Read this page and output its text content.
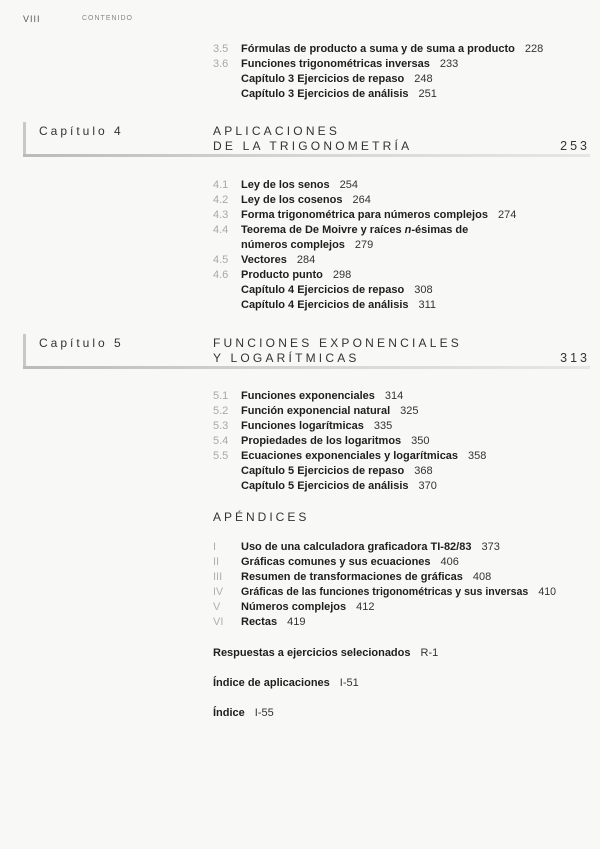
VIII	CONTENIDO
3.5 Fórmulas de producto a suma y de suma a producto 228
3.6 Funciones trigonométricas inversas 233
Capítulo 3 Ejercicios de repaso 248
Capítulo 3 Ejercicios de análisis 251
Capítulo 4	APLICACIONES
DE LA TRIGONOMETRÍA	253
4.1 Ley de los senos 254
4.2 Ley de los cosenos 264
4.3 Forma trigonométrica para números complejos 274
4.4 Teorema de De Moivre y raíces n-ésimas de
números complejos 279
4.5 Vectores 284
4.6 Producto punto 298
Capítulo 4 Ejercicios de repaso 308
Capítulo 4 Ejercicios de análisis 311
Capítulo 5	FUNCIONES EXPONENCIALES
Y LOGARÍTMICAS	313
5.1 Funciones exponenciales 314
5.2 Función exponencial natural 325
5.3 Funciones logarítmicas 335
5.4 Propiedades de los logaritmos 350
5.5 Ecuaciones exponenciales y logarítmicas 358
Capítulo 5 Ejercicios de repaso 368
Capítulo 5 Ejercicios de análisis 370
APÉNDICES
I Uso de una calculadora graficadora TI-82/83 373
II Gráficas comunes y sus ecuaciones 406
III Resumen de transformaciones de gráficas 408
IV Gráficas de las funciones trigonométricas y sus inversas 410
V Números complejos 412
VI Rectas 419
Respuestas a ejercicios selecionados R-1
Índice de aplicaciones I-51
Índice I-55
